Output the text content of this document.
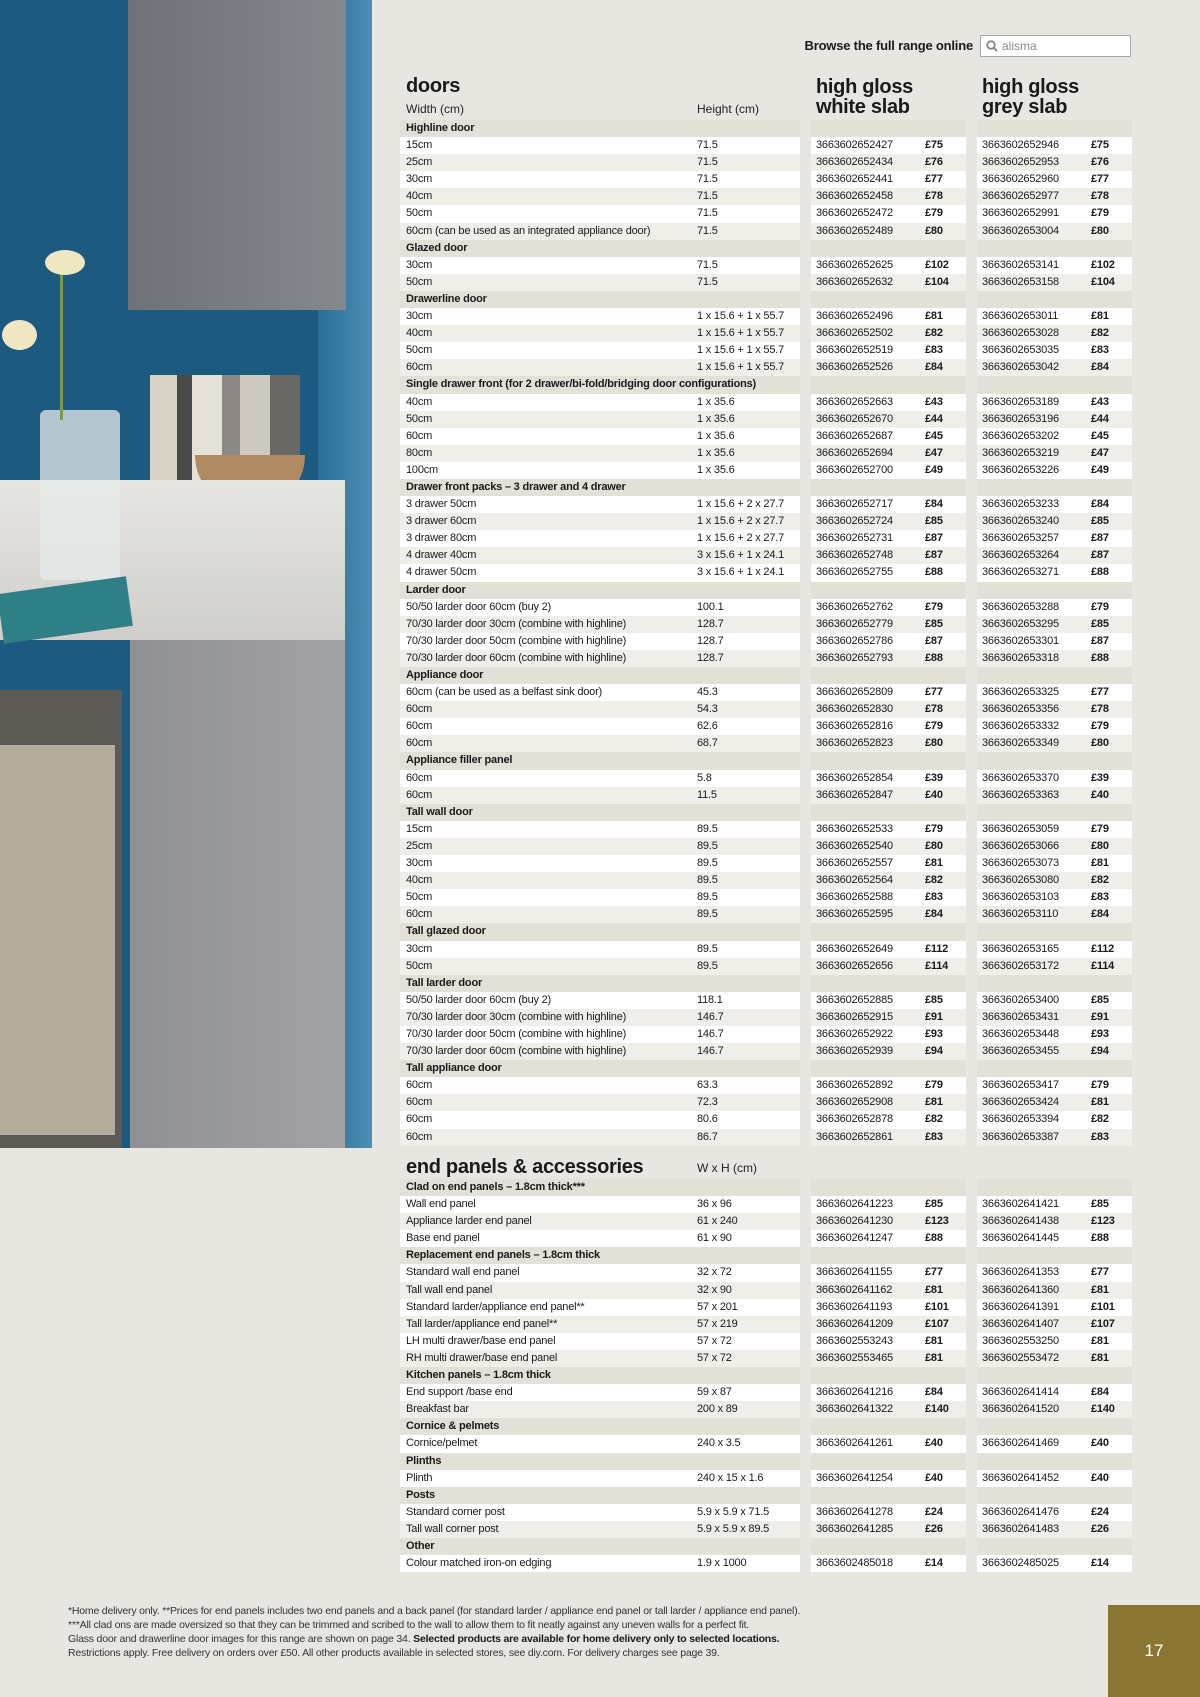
Browse the full range online alisma
doors
Width (cm)	Height (cm)
high gloss
white slab
high gloss
grey slab
Highline door
15cm	71.5	3663602652427	£75	3663602652946	£75
25cm	71.5	3663602652434	£76	3663602652953	£76
30cm	71.5	3663602652441	£77	3663602652960	£77
40cm	71.5	3663602652458	£78	3663602652977	£78
50cm	71.5	3663602652472	£79	3663602652991	£79
60cm (can be used as an integrated appliance door)	71.5	3663602652489	£80	3663602653004	£80
Glazed door
30cm	71.5	3663602652625	£102	3663602653141	£102
50cm	71.5	3663602652632	£104	3663602653158	£104
Drawerline door
30cm	1 x 15.6 + 1 x 55.7	3663602652496	£81	3663602653011	£81
40cm	1 x 15.6 + 1 x 55.7	3663602652502	£82	3663602653028	£82
50cm	1 x 15.6 + 1 x 55.7	3663602652519	£83	3663602653035	£83
60cm	1 x 15.6 + 1 x 55.7	3663602652526	£84	3663602653042	£84
Single drawer front (for 2 drawer/bi-fold/bridging door configurations)
40cm	1 x 35.6	3663602652663	£43	3663602653189	£43
50cm	1 x 35.6	3663602652670	£44	3663602653196	£44
60cm	1 x 35.6	3663602652687	£45	3663602653202	£45
80cm	1 x 35.6	3663602652694	£47	3663602653219	£47
100cm	1 x 35.6	3663602652700	£49	3663602653226	£49
Drawer front packs – 3 drawer and 4 drawer
3 drawer 50cm	1 x 15.6 + 2 x 27.7	3663602652717	£84	3663602653233	£84
3 drawer 60cm	1 x 15.6 + 2 x 27.7	3663602652724	£85	3663602653240	£85
3 drawer 80cm	1 x 15.6 + 2 x 27.7	3663602652731	£87	3663602653257	£87
4 drawer 40cm	3 x 15.6 + 1 x 24.1	3663602652748	£87	3663602653264	£87
4 drawer 50cm	3 x 15.6 + 1 x 24.1	3663602652755	£88	3663602653271	£88
Larder door
50/50 larder door 60cm (buy 2)	100.1	3663602652762	£79	3663602653288	£79
70/30 larder door 30cm (combine with highline)	128.7	3663602652779	£85	3663602653295	£85
70/30 larder door 50cm (combine with highline)	128.7	3663602652786	£87	3663602653301	£87
70/30 larder door 60cm (combine with highline)	128.7	3663602652793	£88	3663602653318	£88
Appliance door
60cm (can be used as a belfast sink door)	45.3	3663602652809	£77	3663602653325	£77
60cm	54.3	3663602652830	£78	3663602653356	£78
60cm	62.6	3663602652816	£79	3663602653332	£79
60cm	68.7	3663602652823	£80	3663602653349	£80
Appliance filler panel
60cm	5.8	3663602652854	£39	3663602653370	£39
60cm	11.5	3663602652847	£40	3663602653363	£40
Tall wall door
15cm	89.5	3663602652533	£79	3663602653059	£79
25cm	89.5	3663602652540	£80	3663602653066	£80
30cm	89.5	3663602652557	£81	3663602653073	£81
40cm	89.5	3663602652564	£82	3663602653080	£82
50cm	89.5	3663602652588	£83	3663602653103	£83
60cm	89.5	3663602652595	£84	3663602653110	£84
Tall glazed door
30cm	89.5	3663602652649	£112	3663602653165	£112
50cm	89.5	3663602652656	£114	3663602653172	£114
Tall larder door
50/50 larder door 60cm (buy 2)	118.1	3663602652885	£85	3663602653400	£85
70/30 larder door 30cm (combine with highline)	146.7	3663602652915	£91	3663602653431	£91
70/30 larder door 50cm (combine with highline)	146.7	3663602652922	£93	3663602653448	£93
70/30 larder door 60cm (combine with highline)	146.7	3663602652939	£94	3663602653455	£94
Tall appliance door
60cm	63.3	3663602652892	£79	3663602653417	£79
60cm	72.3	3663602652908	£81	3663602653424	£81
60cm	80.6	3663602652878	£82	3663602653394	£82
60cm	86.7	3663602652861	£83	3663602653387	£83
end panels & accessories	W x H (cm)
Clad on end panels – 1.8cm thick***
Wall end panel	36 x 96	3663602641223	£85	3663602641421	£85
Appliance larder end panel	61 x 240	3663602641230	£123	3663602641438	£123
Base end panel	61 x 90	3663602641247	£88	3663602641445	£88
Replacement end panels – 1.8cm thick
Standard wall end panel	32 x 72	3663602641155	£77	3663602641353	£77
Tall wall end panel	32 x 90	3663602641162	£81	3663602641360	£81
Standard larder/appliance end panel**	57 x 201	3663602641193	£101	3663602641391	£101
Tall larder/appliance end panel**	57 x 219	3663602641209	£107	3663602641407	£107
LH multi drawer/base end panel	57 x 72	3663602553243	£81	3663602553250	£81
RH multi drawer/base end panel	57 x 72	3663602553465	£81	3663602553472	£81
Kitchen panels – 1.8cm thick
End support /base end	59 x 87	3663602641216	£84	3663602641414	£84
Breakfast bar	200 x 89	3663602641322	£140	3663602641520	£140
Cornice & pelmets
Cornice/pelmet	240 x 3.5	3663602641261	£40	3663602641469	£40
Plinths
Plinth	240 x 15 x 1.6	3663602641254	£40	3663602641452	£40
Posts
Standard corner post	5.9 x 5.9 x 71.5	3663602641278	£24	3663602641476	£24
Tall wall corner post	5.9 x 5.9 x 89.5	3663602641285	£26	3663602641483	£26
Other
Colour matched iron-on edging	1.9 x 1000	3663602485018	£14	3663602485025	£14
*Home delivery only. **Prices for end panels includes two end panels and a back panel (for standard larder / appliance end panel or tall larder / appliance end panel).
***All clad ons are made oversized so that they can be trimmed and scribed to the wall to allow them to fit neatly against any uneven walls for a perfect fit.
Glass door and drawerline door images for this range are shown on page 34. Selected products are available for home delivery only to selected locations.
Restrictions apply. Free delivery on orders over £50. All other products available in selected stores, see diy.com. For delivery charges see page 39.	17
